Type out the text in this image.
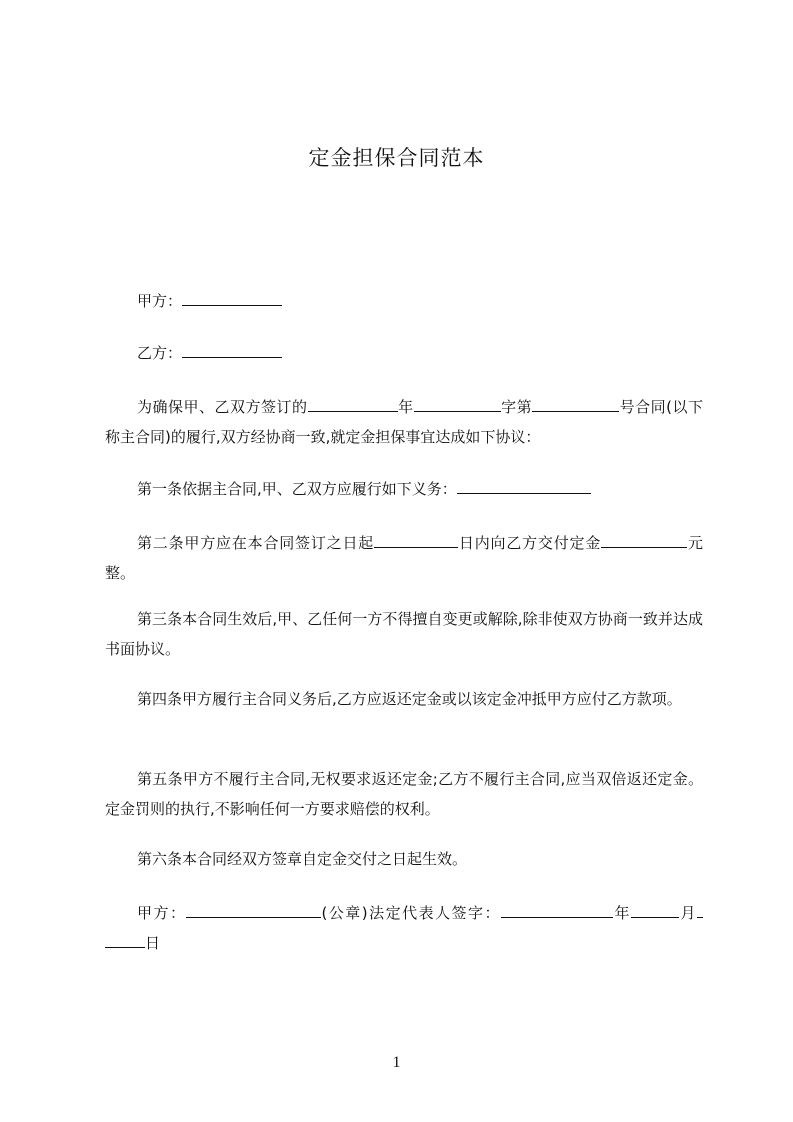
定金担保合同范本

甲方：

乙方：

为确保甲、乙双方签订的	年	字第	号合同(以下称主合同)的履行,双方经协商一致,就定金担保事宜达成如下协议：

第一条依据主合同,甲、乙双方应履行如下义务：

第二条甲方应在本合同签订之日起	日内向乙方交付定金	元整。

第三条本合同生效后,甲、乙任何一方不得擅自变更或解除,除非使双方协商一致并达成书面协议。

第四条甲方履行主合同义务后,乙方应返还定金或以该定金冲抵甲方应付乙方款项。

第五条甲方不履行主合同,无权要求返还定金;乙方不履行主合同,应当双倍返还定金。定金罚则的执行,不影响任何一方要求赔偿的权利。

第六条本合同经双方签章自定金交付之日起生效。

甲方：	(公章)法定代表人签字：	年	月日

1
